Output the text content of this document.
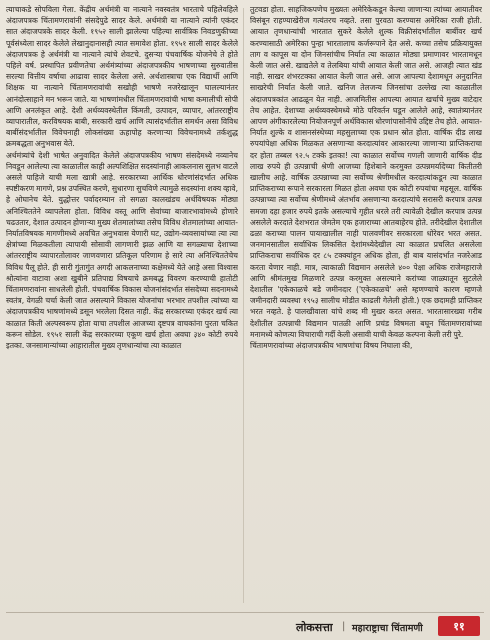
त्याचाकडे सोपविला गेला. केंद्रीय अर्थमंत्री या नात्याने नवस्वतंत्र भारताचे पहिलेवहिले अंदाजपत्रक चिंतामणरावांनी संसदेपुढे सादर केले. अर्थमंत्री या नात्याने त्यांनी एकंदर सात अंदाजपत्रके सादर केली. १९५२ साली झालेल्या पहिल्या सार्वत्रिक निवडणुकीच्या पूर्वसंध्येला सादर केलेले लेखानुदानासही त्यात समावेश होता. १९५१ साली सादर केलेले अंदाजपत्रक हे अर्थमंत्री या नात्याने त्यांचे शेवटचे. दुसऱ्या पंचवार्षिक योजनेचे ते होते पहिले वर्ष. प्रस्थापित प्रवीणतेचा अर्थमंत्र्यांच्या अंदाजपत्रकीय भाषणाच्या सुरुवातीस सरल्या वित्तीय वर्षाचा आढावा सादर केलेला असे. अर्थशास्त्राचा एक विद्यार्थी आणि शिक्षक या नात्याने चिंतामणरावांची सखोही भाषणे नजरेखालून घालल्यानंतर आनंदोत्साहाने मन भरून जाते. या भाषणांमधील चिंतामणरावांची भाषा कमालीची सोपी आणि अनलंकृत आहे. देशी अर्थव्यवस्थेतील किंमती, उत्पादन, व्यापार, आंतरराष्ट्रीय व्यापारातील, करविषयक बाबी, सरकारी खर्च आणि त्यासंदर्भातील समर्थन असा विविध बाबींसंदर्भातील विवेचनाही लोकसंख्या ऊहापोह करणाऱ्या विवेचनामध्ये तर्कशुद्ध क्रमबद्धता अनुभवास येते.

अर्थमंत्र्यांचे देशी भाषेत अनुवादित केलेले अंदाजपत्रकीय भाषण संसदेमध्ये नव्यानेच निवडून आलेल्या त्या काळातील काही अल्पशिक्षित सदस्यांनाही आकलनास सुलभ वाटले असले पाहिजे याची मला खात्री आहे. सरकारच्या आर्थिक धोरणांसंदर्भात अधिक स्पष्टीकरण मागणे, प्रश्न उपस्थित करणे, सुधारणा सुचविणे त्यामुळे सदस्यांना शक्य व्हावे, हे ओघानेच येते. युद्धोत्तर पर्वादरम्यान तो सगळा कालखंडच अर्थविषयक मोठ्या अनिश्चिततेने व्यापलेला होता. विविध वस्तू आणि सेवांच्या बाजारभावांमध्ये होणारे चढउतार, देशात उत्पादन होणाऱ्या मुख्य शेतमालांच्या तसेच विविध शेतमालांच्या आयात-निर्यातविषयक मागणीमध्ये अवचित अनुभवास येणारी घट, उद्योग-व्यवसायांच्या त्या त्या क्षेत्रांच्या मिळकतीला त्यापायी सोसावी लागणारी झळ आणि या सगळ्याचा देशाच्या आंतरराष्ट्रीय व्यापारतोलावर जाणवणारा प्रतिकूल परिणाम हे सारे त्या अनिश्चिततेचेच विविध पैलू होते. ही सारी गुंतागुंत अगदी आकलनाच्या कक्षेमध्ये येते आहे असा विश्वास श्रोत्यांना वाटावा अशा खुबीने प्रतिपाद्य विषयाचे क्रमबद्ध विवरण करण्याची हातोटी चिंतामणरावांना साधलेली होती. पंचवार्षिक विकास योजनांसंदर्भात संसदेच्या सदनामध्ये स्वतंत्र, वेगळी चर्चा केली जात असल्याने विकास योजनांचा भरभार तपशील त्यांच्या या अंदाजपत्रकीय भाषणांमध्ये डसून भरलेला दिसत नाही. केंद्र सरकारच्या एकंदर खर्च त्या काळात किती अल्पस्वरूप होता याचा तपशील आजच्या दृष्टपत्र वाचकांना पुरता चकित करून सोडेल. १९५१ साली केंद्र सरकारच्या एकूण खर्च होता अवघा ३४० कोटी रुपये इतका. जनसामान्यांच्या आहारातील मुख्य तृणधान्यांचा त्या काळात

तुटवडा होता. साहजिकपणेच मुख्यतः अमेरिकेकडून केल्या जाणाऱ्या त्यांच्या आयातीवर विसंबून राहण्याखेरीज गत्यंतरच नव्हते. तसा पुरवठा करण्यास अमेरिका राजी होती. आयात तृणधान्यांची भारतात सुकरे केलेले शुल्क विक्रीसंदर्भातील बाबींवर खर्च करण्यासाठी अमेरिका पुन्हा भारतालाच कर्जरूपाने देत असे. कच्चा तसेच प्रक्रियायुक्त ताग व कापूस या दोन जिनसांचीच निर्यात त्या काळात मोठ्या प्रमाणावर भारतामधून केली जात असे. खाद्यतेले व तेलबिया यांची आयात केली जात असे. आजही त्यात खंड नाही. साखर शंभरटक्का आयात केली जात असे. आज आपल्या देशामधून अनुदानित साखरेची निर्यात केली जाते. खनिज तेलजन्य जिनसांचा उल्लेख त्या काळातील अंदाजपत्रकांत आढळून येत नाही. आजमितीस आपल्या आयात खर्चाचे मुख्य वाटेदार तेच आहेत. देशाच्या अर्थव्यवस्थेमध्ये मोठे परिवर्तन घडून आलेले आहे, स्वातंत्र्यानंतर आपण अंगीकारलेल्या नियोजनपूर्ण अर्थविकास धोरणांपासोनीचे उद्दिष्ट तेच होते. आयात-निर्यात शुल्के व शासनसंस्थेच्या महसुलाच्या एक प्रधान स्रोत होता. वार्षिक दीड लाख रुपयांपेक्षा अधिक मिळकत असणाऱ्या करदात्यांवर आकारल्या जाणाऱ्या प्राप्तिकराचा दर होता तब्बल ९२.५ टक्के इतका! त्या काळात सर्वोच्च गणली जाणारी वार्षिक दीड लाख रुपये ही उत्पन्नाची श्रेणी आजच्या हिशेबाने करमुक्त उत्पन्नमर्यादेच्या कितीतरी खालीच आहे. वार्षिक उत्पन्नाच्या त्या सर्वोच्च श्रेणीमधील करदात्यांकडून त्या काळात प्राप्तिकराच्या रूपाने सरकारला मिळत होता अवघा एक कोटी रुपयांचा महसूल. वार्षिक उत्पन्नाच्या त्या सर्वोच्च श्रेणीमध्ये अंतर्भाव असणाऱ्या करदात्यांचे सरासरी करपात्र उत्पन्न समजा दहा हजार रुपये इतके असल्याचे गृहीत धरले तरी त्यावेळी देखील करपात्र उत्पन्न असलेले करदाते देशभरात जेमतेम एक हजाराच्या आतबाहेरच होते. तरीदेखील देशातील ढळा कराच्या पालन पायाखालील नाही पालवणीवर सरकारला धोरेवर भरत असत. जनमानसातील सर्वाधिक लिकसित देशांमध्येदेखील त्या काळात प्रचलित असलेला प्राप्तिकराचा सर्वाधिक दर ८५ टक्क्यांहून अधिक होता, ही बाब यासंदर्भात नजरेआड करता येणार नाही. मात्र, त्याकाळी विद्यमान असलेले ४०० पेक्षा अधिक राजेमहाराजे आणि श्रीमंतमुख मिळणारे उत्पन्न करमुक्त असल्याने करांच्या जाळ्यातून सुटलेले देशातील 'एकेकाळचे बडे जमीनदार ('एकेकाळचे' असे म्हणण्याचे कारण म्हणजे जमीनदारी व्यवस्था १९५३ सालीच मोडीत काढली गेलेली होती.) एक छदामही प्राप्तिकर भरत नव्हते. हे पालखीवाला यांचे शब्द मी मुखर करत असत. भारतासारख्या गरीब देशीतील उत्पन्नाची विद्यमान पातळी आणि प्रचंड विषमता बघून चिंतामणरावांच्या मनामध्ये कोणत्या विचाराची गर्दी केली असावी याची केवळ कल्पना केली तरी पुरे.

चिंतामणरावांच्या अंदाजपत्रकीय भाषणांचा विषय निघाला की,

लोकसत्ता | महाराष्ट्राचा चिंतामणी	११
